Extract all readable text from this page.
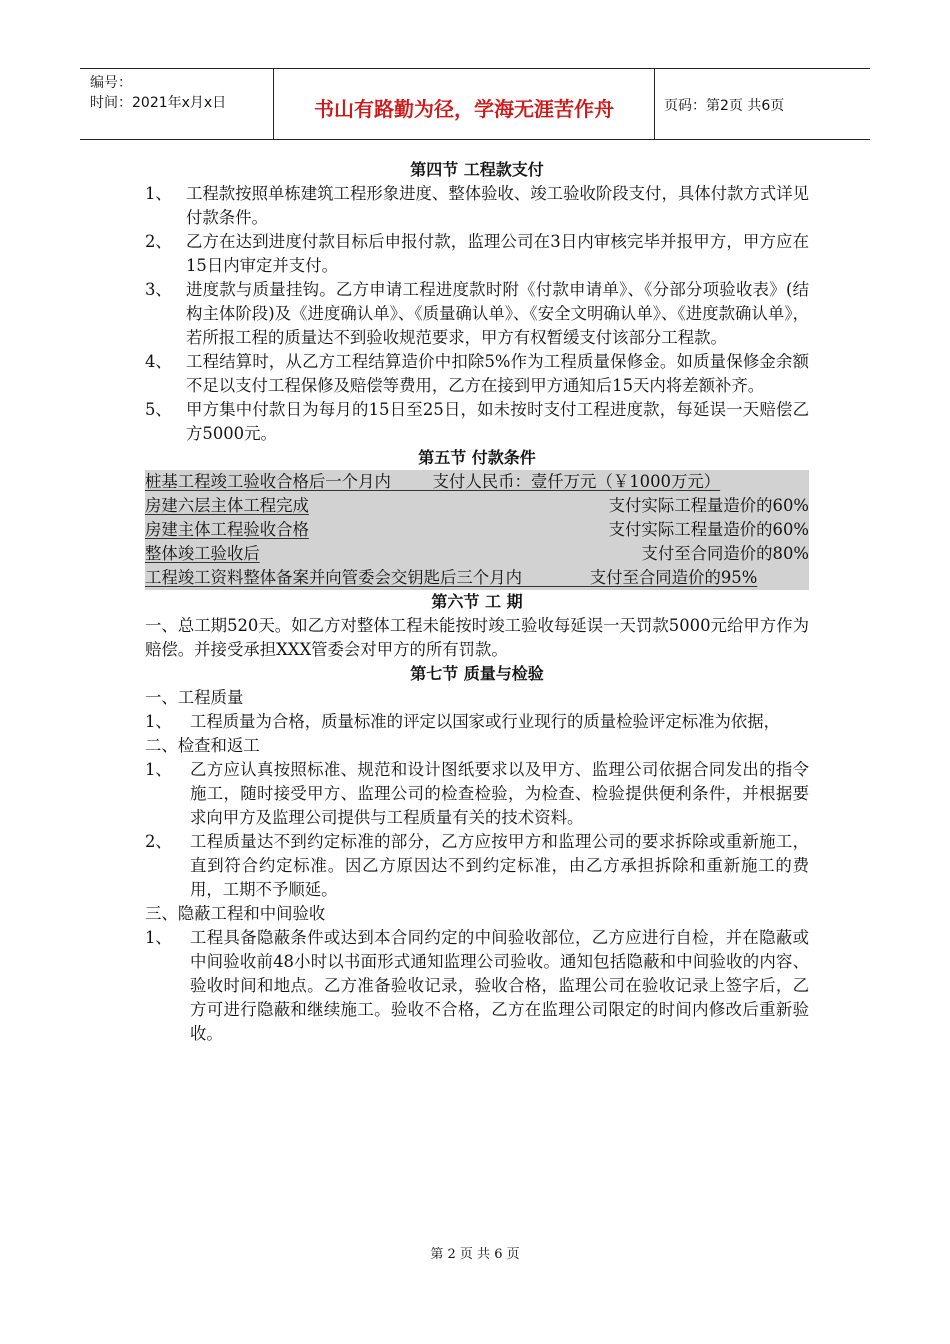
编号：
时间：2021年x月x日	书山有路勤为径，学海无涯苦作舟	页码：第2页 共6页
第四节 工程款支付
1、 工程款按照单栋建筑工程形象进度、整体验收、竣工验收阶段支付，具体付款方式详见付款条件。
2、 乙方在达到进度付款目标后申报付款，监理公司在3日内审核完毕并报甲方，甲方应在15日内审定并支付。
3、 进度款与质量挂钩。乙方申请工程进度款时附《付款申请单》、《分部分项验收表》(结构主体阶段)及《进度确认单》、《质量确认单》、《安全文明确认单》、《进度款确认单》，若所报工程的质量达不到验收规范要求，甲方有权暂缓支付该部分工程款。
4、 工程结算时，从乙方工程结算造价中扣除5%作为工程质量保修金。如质量保修金余额不足以支付工程保修及赔偿等费用，乙方在接到甲方通知后15天内将差额补齐。
5、 甲方集中付款日为每月的15日至25日，如未按时支付工程进度款，每延误一天赔偿乙方5000元。
第五节 付款条件
桩基工程竣工验收合格后一个月内	支付人民币：壹仟万元（￥1000万元）
房建六层主体工程完成	支付实际工程量造价的60%
房建主体工程验收合格	支付实际工程量造价的60%
整体竣工验收后	支付至合同造价的80%
工程竣工资料整体备案并向管委会交钥匙后三个月内	支付至合同造价的95%
第六节 工 期
一、总工期520天。如乙方对整体工程未能按时竣工验收每延误一天罚款5000元给甲方作为赔偿。并接受承担XXX管委会对甲方的所有罚款。
第七节 质量与检验
一、工程质量
1、	工程质量为合格，质量标准的评定以国家或行业现行的质量检验评定标准为依据，
二、检查和返工
1、	乙方应认真按照标准、规范和设计图纸要求以及甲方、监理公司依据合同发出的指令施工，随时接受甲方、监理公司的检查检验，为检查、检验提供便利条件，并根据要求向甲方及监理公司提供与工程质量有关的技术资料。
2、	工程质量达不到约定标准的部分，乙方应按甲方和监理公司的要求拆除或重新施工，直到符合约定标准。因乙方原因达不到约定标准，由乙方承担拆除和重新施工的费用，工期不予顺延。
三、隐蔽工程和中间验收
1、	工程具备隐蔽条件或达到本合同约定的中间验收部位，乙方应进行自检，并在隐蔽或中间验收前48小时以书面形式通知监理公司验收。通知包括隐蔽和中间验收的内容、验收时间和地点。乙方准备验收记录，验收合格，监理公司在验收记录上签字后，乙方可进行隐蔽和继续施工。验收不合格，乙方在监理公司限定的时间内修改后重新验收。
第 2 页 共 6 页
